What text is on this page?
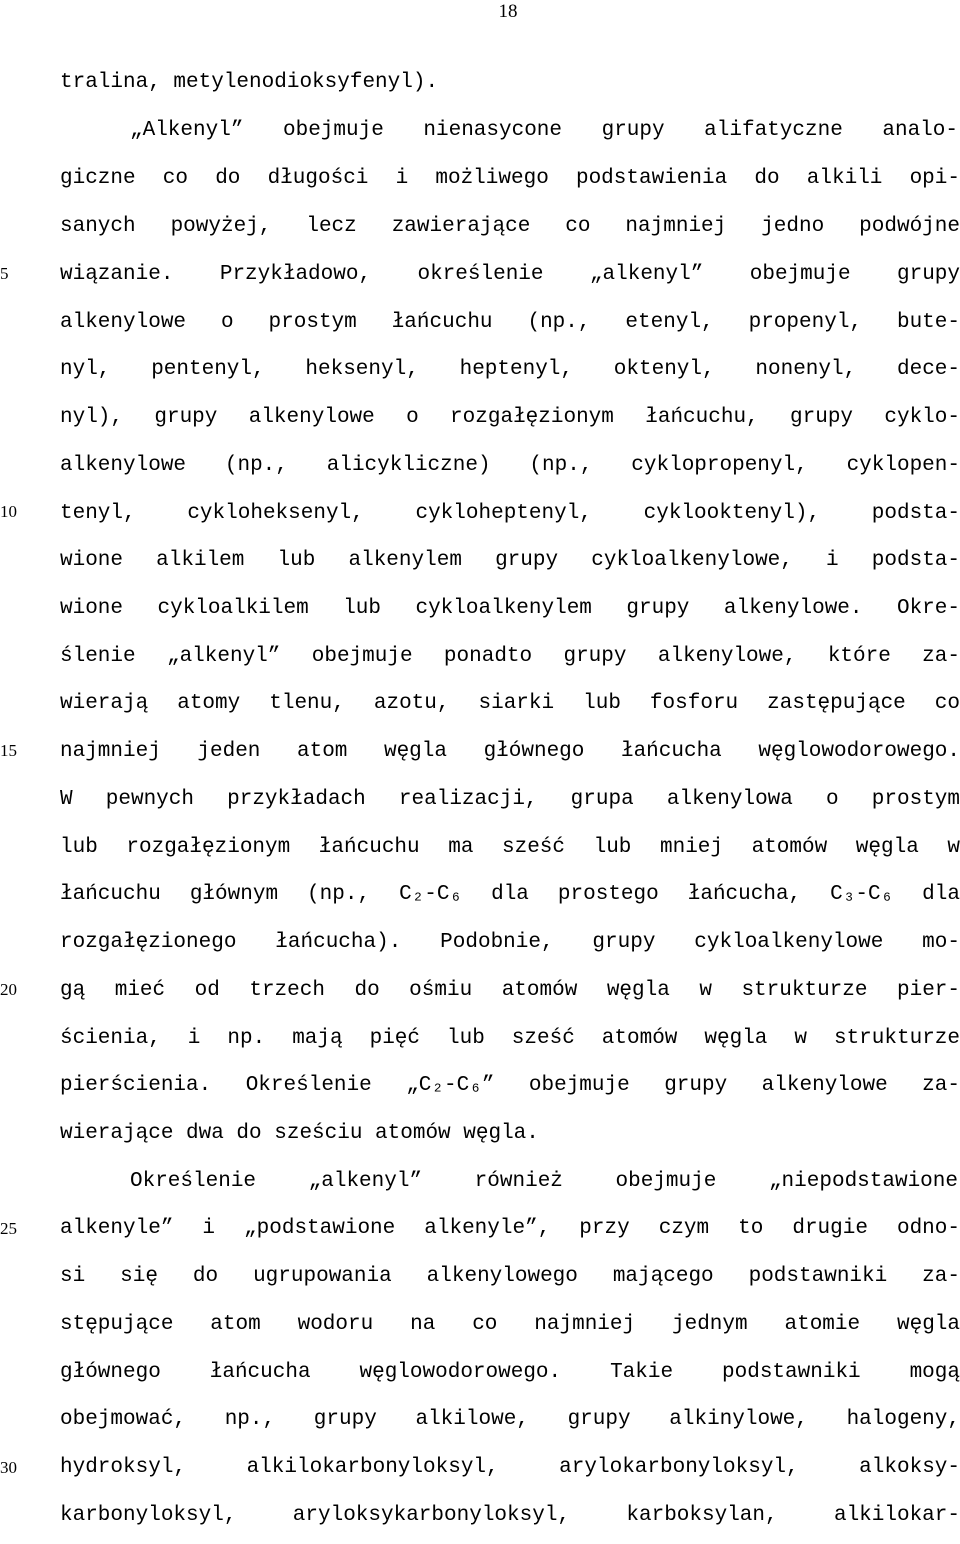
18
5
10
15
20
25
30
tralina, metylenodioksyfenyl).
„Alkenyl” obejmuje nienasycone grupy alifatyczne analo-
giczne co do długości i możliwego podstawienia do alkili opi-
sanych powyżej, lecz zawierające co najmniej jedno podwójne
wiązanie. Przykładowo, określenie „alkenyl” obejmuje grupy
alkenylowe o prostym łańcuchu (np., etenyl, propenyl, bute-
nyl, pentenyl, heksenyl, heptenyl, oktenyl, nonenyl, dece-
nyl), grupy alkenylowe o rozgałęzionym łańcuchu, grupy cyklo-
alkenylowe (np., alicykliczne) (np., cyklopropenyl, cyklopen-
tenyl, cykloheksenyl, cykloheptenyl, cyklooktenyl), podsta-
wione alkilem lub alkenylem grupy cykloalkenylowe, i podsta-
wione cykloalkilem lub cykloalkenylem grupy alkenylowe. Okre-
ślenie „alkenyl” obejmuje ponadto grupy alkenylowe, które za-
wierają atomy tlenu, azotu, siarki lub fosforu zastępujące co
najmniej jeden atom węgla głównego łańcucha węglowodorowego.
W pewnych przykładach realizacji, grupa alkenylowa o prostym
lub rozgałęzionym łańcuchu ma sześć lub mniej atomów węgla w
łańcuchu głównym (np., C₂-C₆ dla prostego łańcucha, C₃-C₆ dla
rozgałęzionego łańcucha). Podobnie, grupy cykloalkenylowe mo-
gą mieć od trzech do ośmiu atomów węgla w strukturze pier-
ścienia, i np. mają pięć lub sześć atomów węgla w strukturze
pierścienia. Określenie „C₂-C₆” obejmuje grupy alkenylowe za-
wierające dwa do sześciu atomów węgla.
Określenie „alkenyl” również obejmuje „niepodstawione
alkenyle” i „podstawione alkenyle”, przy czym to drugie odno-
si się do ugrupowania alkenylowego mającego podstawniki za-
stępujące atom wodoru na co najmniej jednym atomie węgla
głównego łańcucha węglowodorowego. Takie podstawniki mogą
obejmować, np., grupy alkilowe, grupy alkinylowe, halogeny,
hydroksyl, alkilokarbonyloksyl, arylokarbonyloksyl, alkoksy-
karbonyloksyl, aryloksykarbonyloksyl, karboksylan, alkilokar-
